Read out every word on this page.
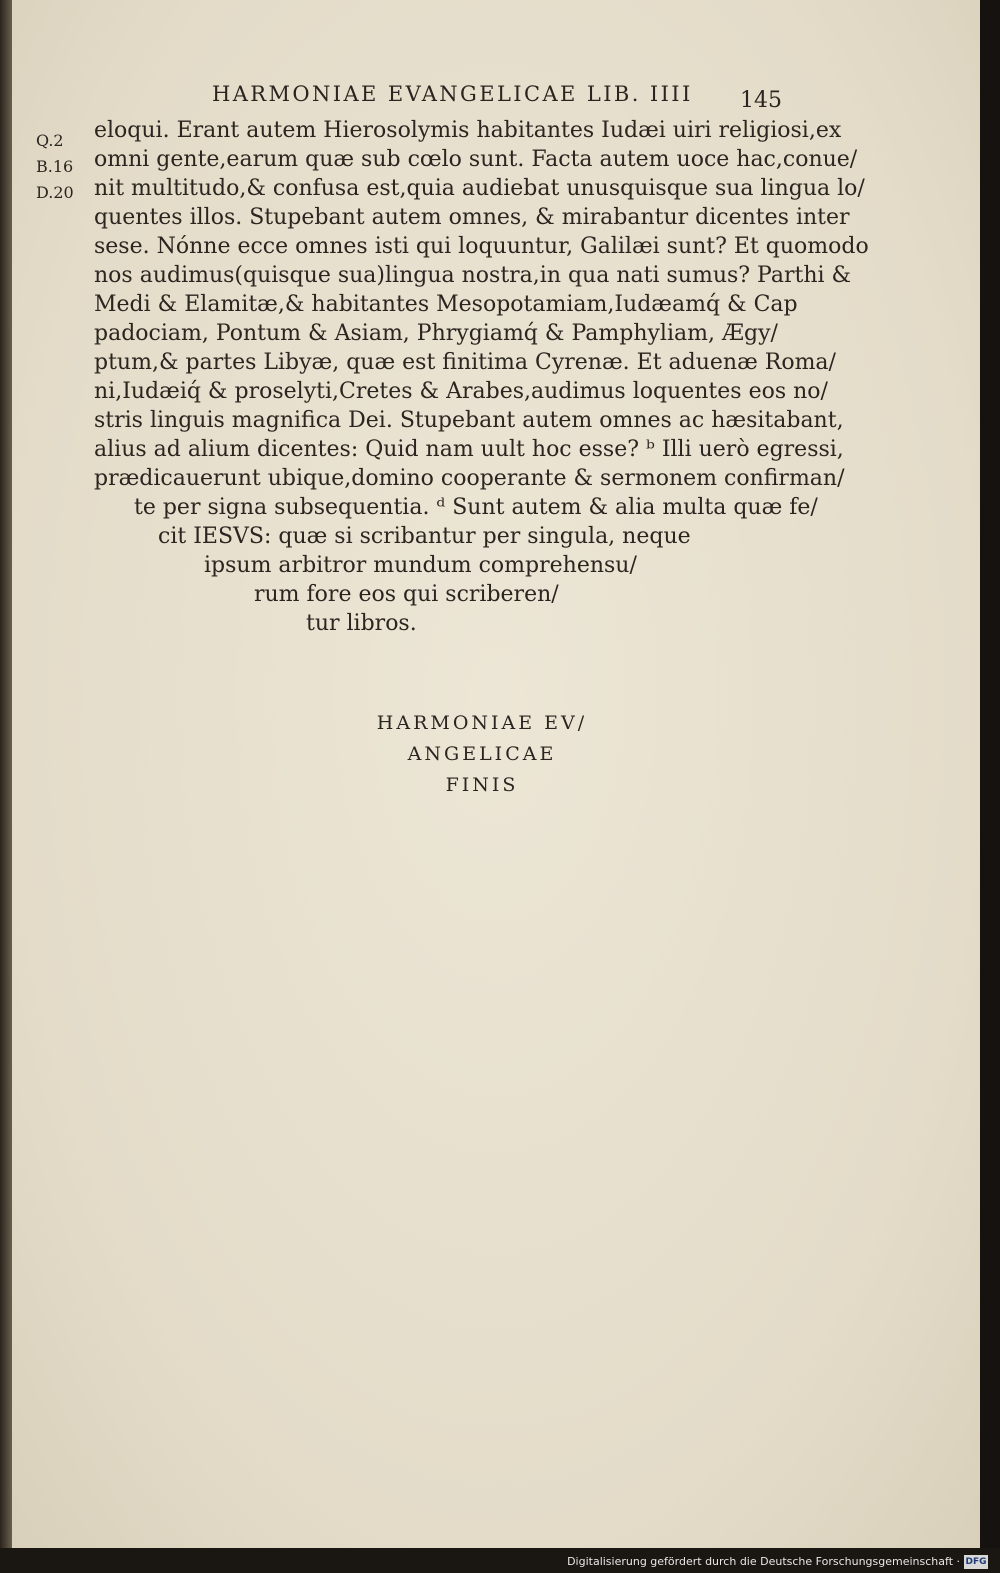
HARMONIAE EVANGELICAE LIB. IIII 145
Q.2
B.16
D.20
eloqui. Erant autem Hierosolymis habitantes Iudæi uiri religiosi,ex
omni gente,earum quæ sub cœlo sunt. Facta autem uoce hac,conue/
nit multitudo,& confusa est,quia audiebat unusquisque sua lingua lo/
quentes illos. Stupebant autem omnes, & mirabantur dicentes inter
sese. Nónne ecce omnes isti qui loquuntur, Galilæi sunt? Et quomodo
nos audimus(quisque sua)lingua nostra,in qua nati sumus? Parthi &
Medi & Elamitæ,& habitantes Mesopotamiam,Iudæamq́ & Cap
padociam, Pontum & Asiam, Phrygiamq́ & Pamphyliam, Ægy/
ptum,& partes Libyæ, quæ est finitima Cyrenæ. Et aduenæ Roma/
ni,Iudæiq́ & proselyti,Cretes & Arabes,audimus loquentes eos no/
stris linguis magnifica Dei. Stupebant autem omnes ac hæsitabant,
alius ad alium dicentes: Quid nam uult hoc esse? ᵇ Illi uerò egressi,
prædicauerunt ubique,domino cooperante & sermonem confirman/
te per signa subsequentia. ᵈ Sunt autem & alia multa quæ fe/
cit IESVS: quæ si scribantur per singula, neque
ipsum arbitror mundum comprehensu/
rum fore eos qui scriberen/
tur libros.
HARMONIAE EV/
ANGELICAE
FINIS
Digitalisierung gefördert durch die Deutsche Forschungsgemeinschaft · DFG
